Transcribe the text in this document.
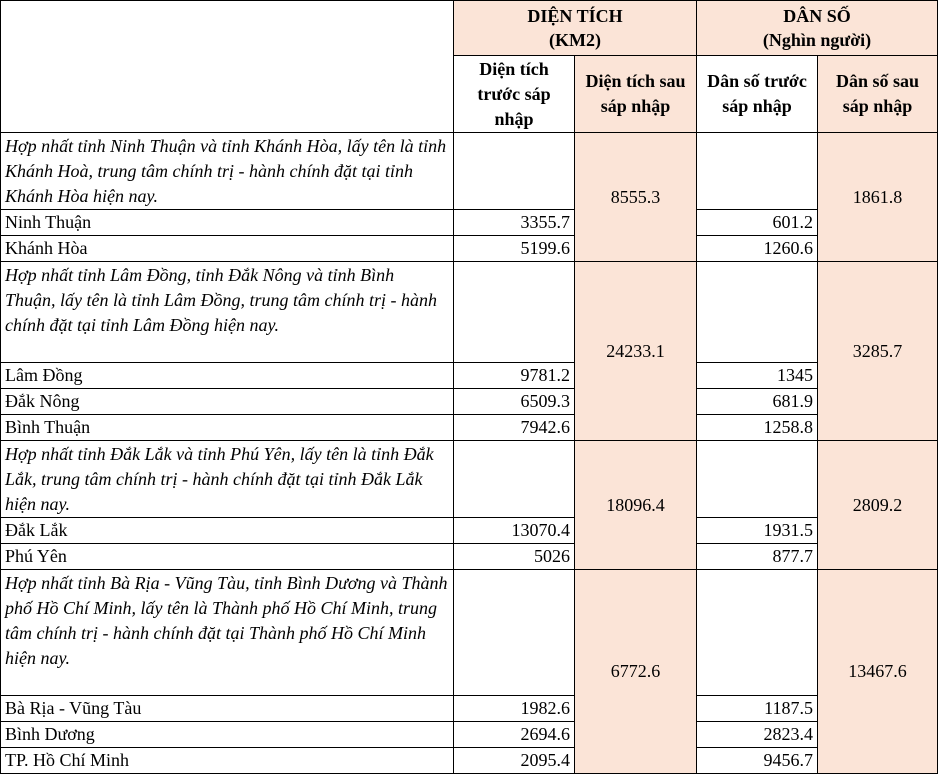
	DIỆN TÍCH
(KM2)		DÂN SỐ
(Nghìn người)	
	Diện tích trước sáp nhập	Diện tích sau sáp nhập	Dân số trước sáp nhập	Dân số sau sáp nhập
Hợp nhất tỉnh Ninh Thuận và tỉnh Khánh Hòa, lấy tên là tỉnh Khánh Hoà, trung tâm chính trị - hành chính đặt tại tỉnh Khánh Hòa hiện nay.		8555.3		1861.8
Ninh Thuận	3355.7		601.2	
Khánh Hòa	5199.6		1260.6	
Hợp nhất tỉnh Lâm Đồng, tỉnh Đắk Nông và tỉnh Bình Thuận, lấy tên là tỉnh Lâm Đồng, trung tâm chính trị - hành chính đặt tại tỉnh Lâm Đồng hiện nay.		24233.1		3285.7
Lâm Đồng	9781.2		1345	
Đắk Nông	6509.3		681.9	
Bình Thuận	7942.6		1258.8	
Hợp nhất tỉnh Đắk Lắk và tỉnh Phú Yên, lấy tên là tỉnh Đắk Lắk, trung tâm chính trị - hành chính đặt tại tỉnh Đắk Lắk hiện nay.		18096.4		2809.2
Đắk Lắk	13070.4		1931.5	
Phú Yên	5026		877.7	
Hợp nhất tỉnh Bà Rịa - Vũng Tàu, tỉnh Bình Dương và Thành phố Hồ Chí Minh, lấy tên là Thành phố Hồ Chí Minh, trung tâm chính trị - hành chính đặt tại Thành phố Hồ Chí Minh hiện nay.		6772.6		13467.6
Bà Rịa - Vũng Tàu	1982.6		1187.5	
Bình Dương	2694.6		2823.4	
TP. Hồ Chí Minh	2095.4		9456.7	
